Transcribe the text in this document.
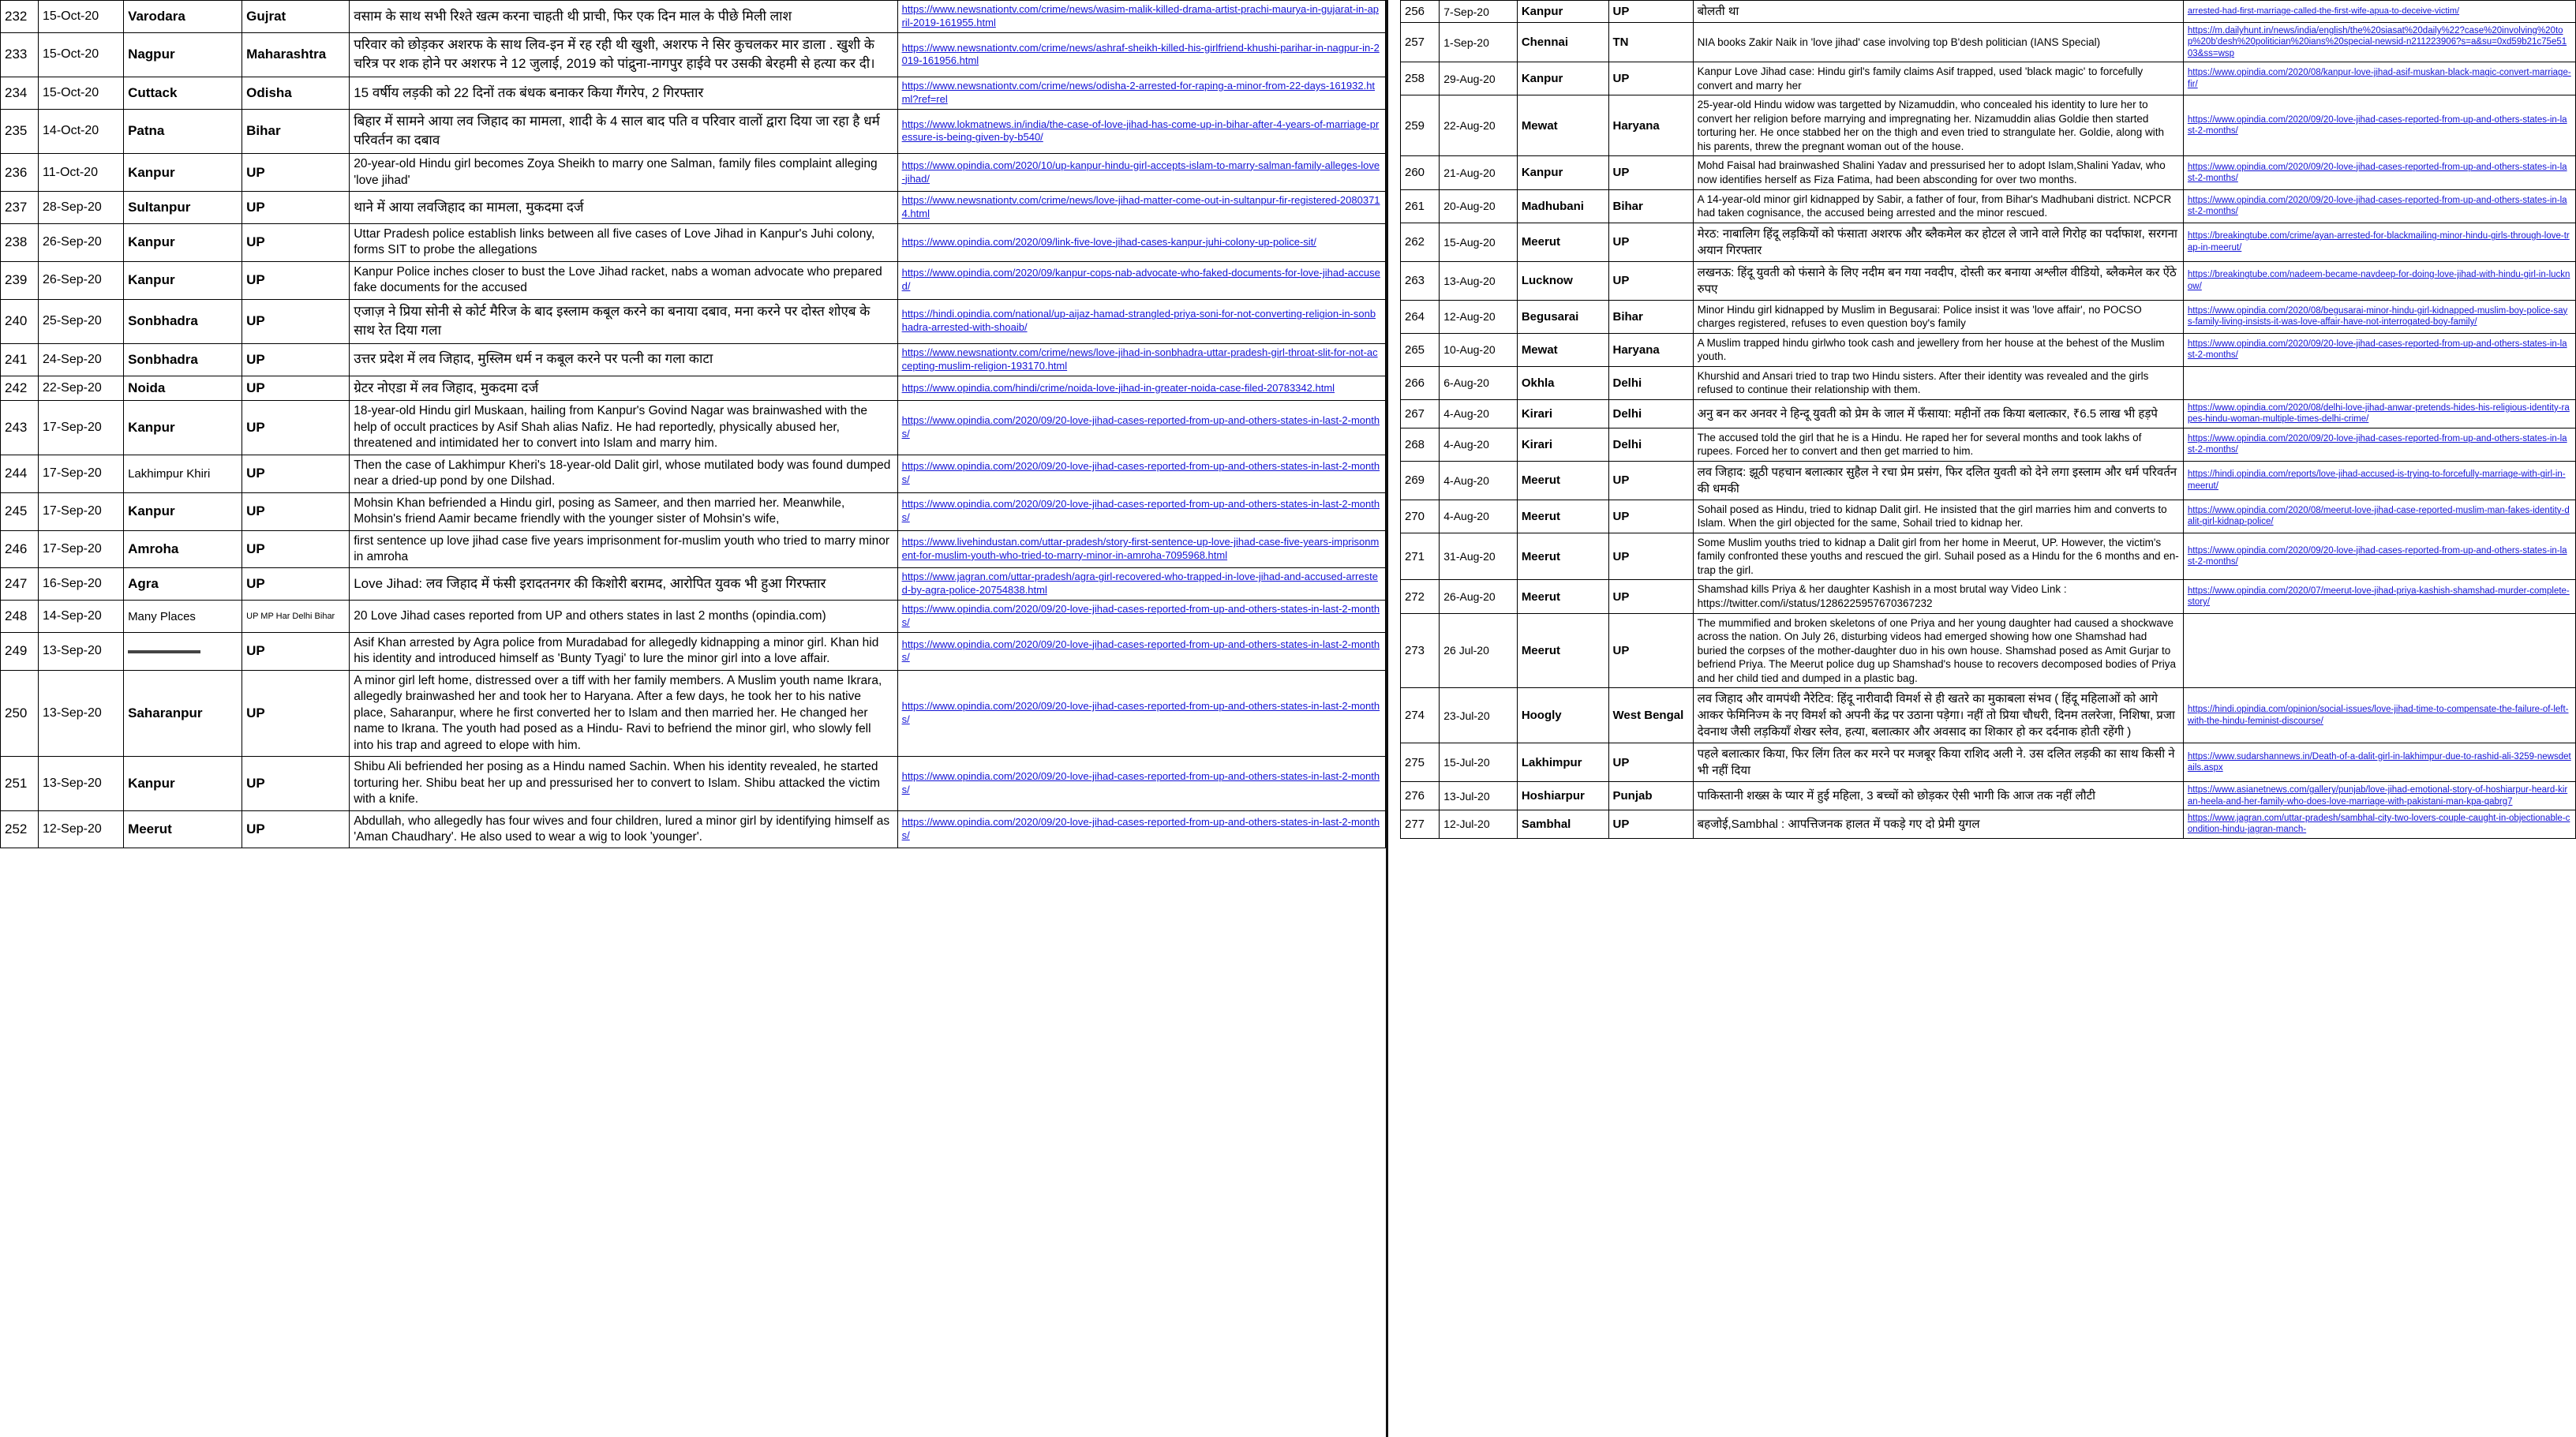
232	15-Oct-20	Varodara	Gujrat	वसाम के साथ सभी रिश्ते खत्म करना चाहती थी प्राची, फिर एक दिन माल के पीछे मिली लाश	https://www.newsnationtv.com/crime/news/wasim-malik-killed-drama-artist-prachi-maurya-in-gujarat-in-april-2019-161955.html
233	15-Oct-20	Nagpur	Maharashtra	परिवार को छोड़कर अशरफ के साथ लिव-इन में रह रही थी खुशी, अशरफ ने सिर कुचलकर मार डाला . खुशी के चरित्र पर शक होने पर अशरफ ने 12 जुलाई, 2019 को पांद्रुना-नागपुर हाईवे पर उसकी बेरहमी से हत्या कर दी।	https://www.newsnationtv.com/crime/news/ashraf-sheikh-killed-his-girlfriend-khushi-parihar-in-nagpur-in-2019-161956.html
234	15-Oct-20	Cuttack	Odisha	15 वर्षीय लड़की को 22 दिनों तक बंधक बनाकर किया गैंगरेप, 2 गिरफ्तार	https://www.newsnationtv.com/crime/news/odisha-2-arrested-for-raping-a-minor-from-22-days-161932.html?ref=rel
235	14-Oct-20	Patna	Bihar	बिहार में सामने आया लव जिहाद का मामला, शादी के 4 साल बाद पति व परिवार वालों द्वारा दिया जा रहा है धर्म परिवर्तन का दबाव	https://www.lokmatnews.in/india/the-case-of-love-jihad-has-come-up-in-bihar-after-4-years-of-marriage-pressure-is-being-given-by-b540/
236	11-Oct-20	Kanpur	UP	20-year-old Hindu girl becomes Zoya Sheikh to marry one Salman, family files complaint alleging 'love jihad'	https://www.opindia.com/2020/10/up-kanpur-hindu-girl-accepts-islam-to-marry-salman-family-alleges-love-jihad/
237	28-Sep-20	Sultanpur	UP	थाने में आया लवजिहाद का मामला, मुकदमा दर्ज	https://www.newsnationtv.com/crime/news/love-jihad-matter-come-out-in-sultanpur-fir-registered-20803714.html
238	26-Sep-20	Kanpur	UP	Uttar Pradesh police establish links between all five cases of Love Jihad in Kanpur's Juhi colony, forms SIT to probe the allegations	https://www.opindia.com/2020/09/link-five-love-jihad-cases-kanpur-juhi-colony-up-police-sit/
239	26-Sep-20	Kanpur	UP	Kanpur Police inches closer to bust the Love Jihad racket, nabs a woman advocate who prepared fake documents for the accused	https://www.opindia.com/2020/09/kanpur-cops-nab-advocate-who-faked-documents-for-love-jihad-accused/
240	25-Sep-20	Sonbhadra	UP	एजाज़ ने प्रिया सोनी से कोर्ट मैरिज के बाद इस्लाम कबूल करने का बनाया दबाव, मना करने पर दोस्त शोएब के साथ रेत दिया गला	https://hindi.opindia.com/national/up-aijaz-hamad-strangled-priya-soni-for-not-converting-religion-in-sonbhadra-arrested-with-shoaib/
241	24-Sep-20	Sonbhadra	UP	उत्तर प्रदेश में लव जिहाद, मुस्लिम धर्म न कबूल करने पर पत्नी का गला काटा	https://www.newsnationtv.com/crime/news/love-jihad-in-sonbhadra-uttar-pradesh-girl-throat-slit-for-not-accepting-muslim-religion-193170.html
242	22-Sep-20	Noida	UP	ग्रेटर नोएडा में लव जिहाद, मुकदमा दर्ज	https://www.opindia.com/hindi/crime/noida-love-jihad-in-greater-noida-case-filed-20783342.html
243	17-Sep-20	Kanpur	UP	18-year-old Hindu girl Muskaan, hailing from Kanpur's Govind Nagar was brainwashed with the help of occult practices by Asif Shah alias Nafiz. He had reportedly, physically abused her, threatened and intimidated her to convert into Islam and marry him.	https://www.opindia.com/2020/09/20-love-jihad-cases-reported-from-up-and-others-states-in-last-2-months/
244	17-Sep-20	Lakhimpur Khiri	UP	Then the case of Lakhimpur Kheri's 18-year-old Dalit girl, whose mutilated body was found dumped near a dried-up pond by one Dilshad.	https://www.opindia.com/2020/09/20-love-jihad-cases-reported-from-up-and-others-states-in-last-2-months/
245	17-Sep-20	Kanpur	UP	Mohsin Khan befriended a Hindu girl, posing as Sameer, and then married her. Meanwhile, Mohsin's friend Aamir became friendly with the younger sister of Mohsin's wife,	https://www.opindia.com/2020/09/20-love-jihad-cases-reported-from-up-and-others-states-in-last-2-months/
246	17-Sep-20	Amroha	UP	first sentence up love jihad case five years imprisonment for-muslim youth who tried to marry minor in amroha	https://www.livehindustan.com/uttar-pradesh/story-first-sentence-up-love-jihad-case-five-years-imprisonment-for-muslim-youth-who-tried-to-marry-minor-in-amroha-7095968.html
247	16-Sep-20	Agra	UP	Love Jihad: लव जिहाद में फंसी इरादतनगर की किशोरी बरामद, आरोपित युवक भी हुआ गिरफ्तार	https://www.jagran.com/uttar-pradesh/agra-girl-recovered-who-trapped-in-love-jihad-and-accused-arrested-by-agra-police-20754838.html
248	14-Sep-20	Many Places	UP MP Har Delhi Bihar	20 Love Jihad cases reported from UP and others states in last 2 months (opindia.com)	https://www.opindia.com/2020/09/20-love-jihad-cases-reported-from-up-and-others-states-in-last-2-months/
249	13-Sep-20		UP	Asif Khan arrested by Agra police from Muradabad for allegedly kidnapping a minor girl. Khan hid his identity and introduced himself as 'Bunty Tyagi' to lure the minor girl into a love affair.	https://www.opindia.com/2020/09/20-love-jihad-cases-reported-from-up-and-others-states-in-last-2-months/
250	13-Sep-20	Saharanpur	UP	A minor girl left home, distressed over a tiff with her family members. A Muslim youth name Ikrara, allegedly brainwashed her and took her to Haryana. After a few days, he took her to his native place, Saharanpur, where he first converted her to Islam and then married her. He changed her name to Ikrana. The youth had posed as a Hindu- Ravi to befriend the minor girl, who slowly fell into his trap and agreed to elope with him.	https://www.opindia.com/2020/09/20-love-jihad-cases-reported-from-up-and-others-states-in-last-2-months/
251	13-Sep-20	Kanpur	UP	Shibu Ali befriended her posing as a Hindu named Sachin. When his identity revealed, he started torturing her. Shibu beat her up and pressurised her to convert to Islam. Shibu attacked the victim with a knife.	https://www.opindia.com/2020/09/20-love-jihad-cases-reported-from-up-and-others-states-in-last-2-months/
252	12-Sep-20	Meerut	UP	Abdullah, who allegedly has four wives and four children, lured a minor girl by identifying himself as 'Aman Chaudhary'. He also used to wear a wig to look 'younger'.	https://www.opindia.com/2020/09/20-love-jihad-cases-reported-from-up-and-others-states-in-last-2-months/
256	7-Sep-20	Kanpur	UP	बोलती था	arrested-had-first-marriage-called-the-first-wife-apua-to-deceive-victim/
257	1-Sep-20	Chennai	TN	NIA books Zakir Naik in 'love jihad' case involving top B'desh politician (IANS Special)	https://m.dailyhunt.in/news/india/english/the%20siasat%20daily%22?case%20involving%20top%20b'desh%20politician%20ians%20special-newsid-n211223906?s=a&su=0xd59b21c75e5103&ss=wsp
258	29-Aug-20	Kanpur	UP	Kanpur Love Jihad case: Hindu girl's family claims Asif trapped, used 'black magic' to forcefully convert and marry her	https://www.opindia.com/2020/08/kanpur-love-jihad-asif-muskan-black-magic-convert-marriage-fir/
259	22-Aug-20	Mewat	Haryana	25-year-old Hindu widow was targetted by Nizamuddin, who concealed his identity to lure her to convert her religion before marrying and impregnating her. Nizamuddin alias Goldie then started torturing her. He once stabbed her on the thigh and even tried to strangulate her. Goldie, along with his parents, threw the pregnant woman out of the house.	https://www.opindia.com/2020/09/20-love-jihad-cases-reported-from-up-and-others-states-in-last-2-months/
260	21-Aug-20	Kanpur	UP	Mohd Faisal had brainwashed Shalini Yadav and pressurised her to adopt Islam,Shalini Yadav, who now identifies herself as Fiza Fatima, had been absconding for over two months.	https://www.opindia.com/2020/09/20-love-jihad-cases-reported-from-up-and-others-states-in-last-2-months/
261	20-Aug-20	Madhubani	Bihar	A 14-year-old minor girl kidnapped by Sabir, a father of four, from Bihar's Madhubani district. NCPCR had taken cognisance, the accused being arrested and the minor rescued.	https://www.opindia.com/2020/09/20-love-jihad-cases-reported-from-up-and-others-states-in-last-2-months/
262	15-Aug-20	Meerut	UP	मेरठ: नाबालिग हिंदू लड़कियों को फंसाता अशरफ और ब्लैकमेल कर होटल ले जाने वाले गिरोह का पर्दाफाश, सरगना अयान गिरफ्तार	https://breakingtube.com/crime/ayan-arrested-for-blackmailing-minor-hindu-girls-through-love-trap-in-meerut/
263	13-Aug-20	Lucknow	UP	लखनऊ: हिंदू युवती को फंसाने के लिए नदीम बन गया नवदीप, दोस्ती कर बनाया अश्लील वीडियो, ब्लैकमेल कर ऐंठे रुपए	https://breakingtube.com/nadeem-became-navdeep-for-doing-love-jihad-with-hindu-girl-in-lucknow/
264	12-Aug-20	Begusarai	Bihar	Minor Hindu girl kidnapped by Muslim in Begusarai: Police insist it was 'love affair', no POCSO charges registered, refuses to even question boy's family	https://www.opindia.com/2020/08/begusarai-minor-hindu-girl-kidnapped-muslim-boy-police-says-family-living-insists-it-was-love-affair-have-not-interrogated-boy-family/
265	10-Aug-20	Mewat	Haryana	A Muslim trapped hindu girlwho took cash and jewellery from her house at the behest of the Muslim youth.	https://www.opindia.com/2020/09/20-love-jihad-cases-reported-from-up-and-others-states-in-last-2-months/
266	6-Aug-20	Okhla	Delhi	Khurshid and Ansari tried to trap two Hindu sisters. After their identity was revealed and the girls refused to continue their relationship with them.	
267	4-Aug-20	Kirari	Delhi	अनु बन कर अनवर ने हिन्दू युवती को प्रेम के जाल में फँसाया: महीनों तक किया बलात्कार, ₹6.5 लाख भी हड़पे	https://www.opindia.com/2020/08/delhi-love-jihad-anwar-pretends-hides-his-religious-identity-rapes-hindu-woman-multiple-times-delhi-crime/
268	4-Aug-20	Kirari	Delhi	The accused told the girl that he is a Hindu. He raped her for several months and took lakhs of rupees. Forced her to convert and then get married to him.	https://www.opindia.com/2020/09/20-love-jihad-cases-reported-from-up-and-others-states-in-last-2-months/
269	4-Aug-20	Meerut	UP	लव जिहाद: झूठी पहचान बलात्कार सुहैल ने रचा प्रेम प्रसंग, फिर दलित युवती को देने लगा इस्लाम और धर्म परिवर्तन की धमकी	https://hindi.opindia.com/reports/love-jihad-accused-is-trying-to-forcefully-marriage-with-girl-in-meerut/
270	4-Aug-20	Meerut	UP	Sohail posed as Hindu, tried to kidnap Dalit girl. He insisted that the girl marries him and converts to Islam. When the girl objected for the same, Sohail tried to kidnap her.	https://www.opindia.com/2020/08/meerut-love-jihad-case-reported-muslim-man-fakes-identity-dalit-girl-kidnap-police/
271	31-Aug-20	Meerut	UP	Some Muslim youths tried to kidnap a Dalit girl from her home in Meerut, UP. However, the victim's family confronted these youths and rescued the girl. Suhail posed as a Hindu for the 6 months and en-trap the girl.	https://www.opindia.com/2020/09/20-love-jihad-cases-reported-from-up-and-others-states-in-last-2-months/
272	26-Aug-20	Meerut	UP	Shamshad kills Priya & her daughter Kashish in a most brutal way Video Link : https://twitter.com/i/status/1286225957670367232	https://www.opindia.com/2020/07/meerut-love-jihad-priya-kashish-shamshad-murder-complete-story/
273	26 Jul-20	Meerut	UP	The mummified and broken skeletons of one Priya and her young daughter had caused a shockwave across the nation. On July 26, disturbing videos had emerged showing how one Shamshad had buried the corpses of the mother-daughter duo in his own house. Shamshad posed as Amit Gurjar to befriend Priya. The Meerut police dug up Shamshad's house to recovers decomposed bodies of Priya and her child tied and dumped in a plastic bag.	
274	23-Jul-20	Hoogly	West Bengal	लव जिहाद और वामपंथी नैरेटिव: हिंदू नारीवादी विमर्श से ही खतरे का मुकाबला संभव ( हिंदू महिलाओं को आगे आकर फेमिनिज्म के नए विमर्श को अपनी केंद्र पर उठाना पड़ेगा। नहीं तो प्रिया चौधरी, दिनम तलरेजा, निशिषा, प्रजा देवनाथ जैसी लड़कियाँ शेखर स्लेव, हत्या, बलात्कार और अवसाद का शिकार हो कर दर्दनाक होती रहेंगी )	https://hindi.opindia.com/opinion/social-issues/love-jihad-time-to-compensate-the-failure-of-left-with-the-hindu-feminist-discourse/
275	15-Jul-20	Lakhimpur	UP	पहले बलात्कार किया, फिर लिंग तिल कर मरने पर मजबूर किया राशिद अली ने. उस दलित लड़की का साथ किसी ने भी नहीं दिया	https://www.sudarshannews.in/Death-of-a-dalit-girl-in-lakhimpur-due-to-rashid-ali-3259-newsdetails.aspx
276	13-Jul-20	Hoshiarpur	Punjab	पाकिस्तानी शख्स के प्यार में हुई महिला, 3 बच्चों को छोड़कर ऐसी भागी कि आज तक नहीं लौटी	https://www.asianetnews.com/gallery/punjab/love-jihad-emotional-story-of-hoshiarpur-heard-kiran-heela-and-her-family-who-does-love-marriage-with-pakistani-man-kpa-qabrg7
277	12-Jul-20	Sambhal	UP	बहजोई,Sambhal : आपत्तिजनक हालत में पकड़े गए दो प्रेमी युगल	https://www.jagran.com/uttar-pradesh/sambhal-city-two-lovers-couple-caught-in-objectionable-condition-hindu-jagran-manch-
